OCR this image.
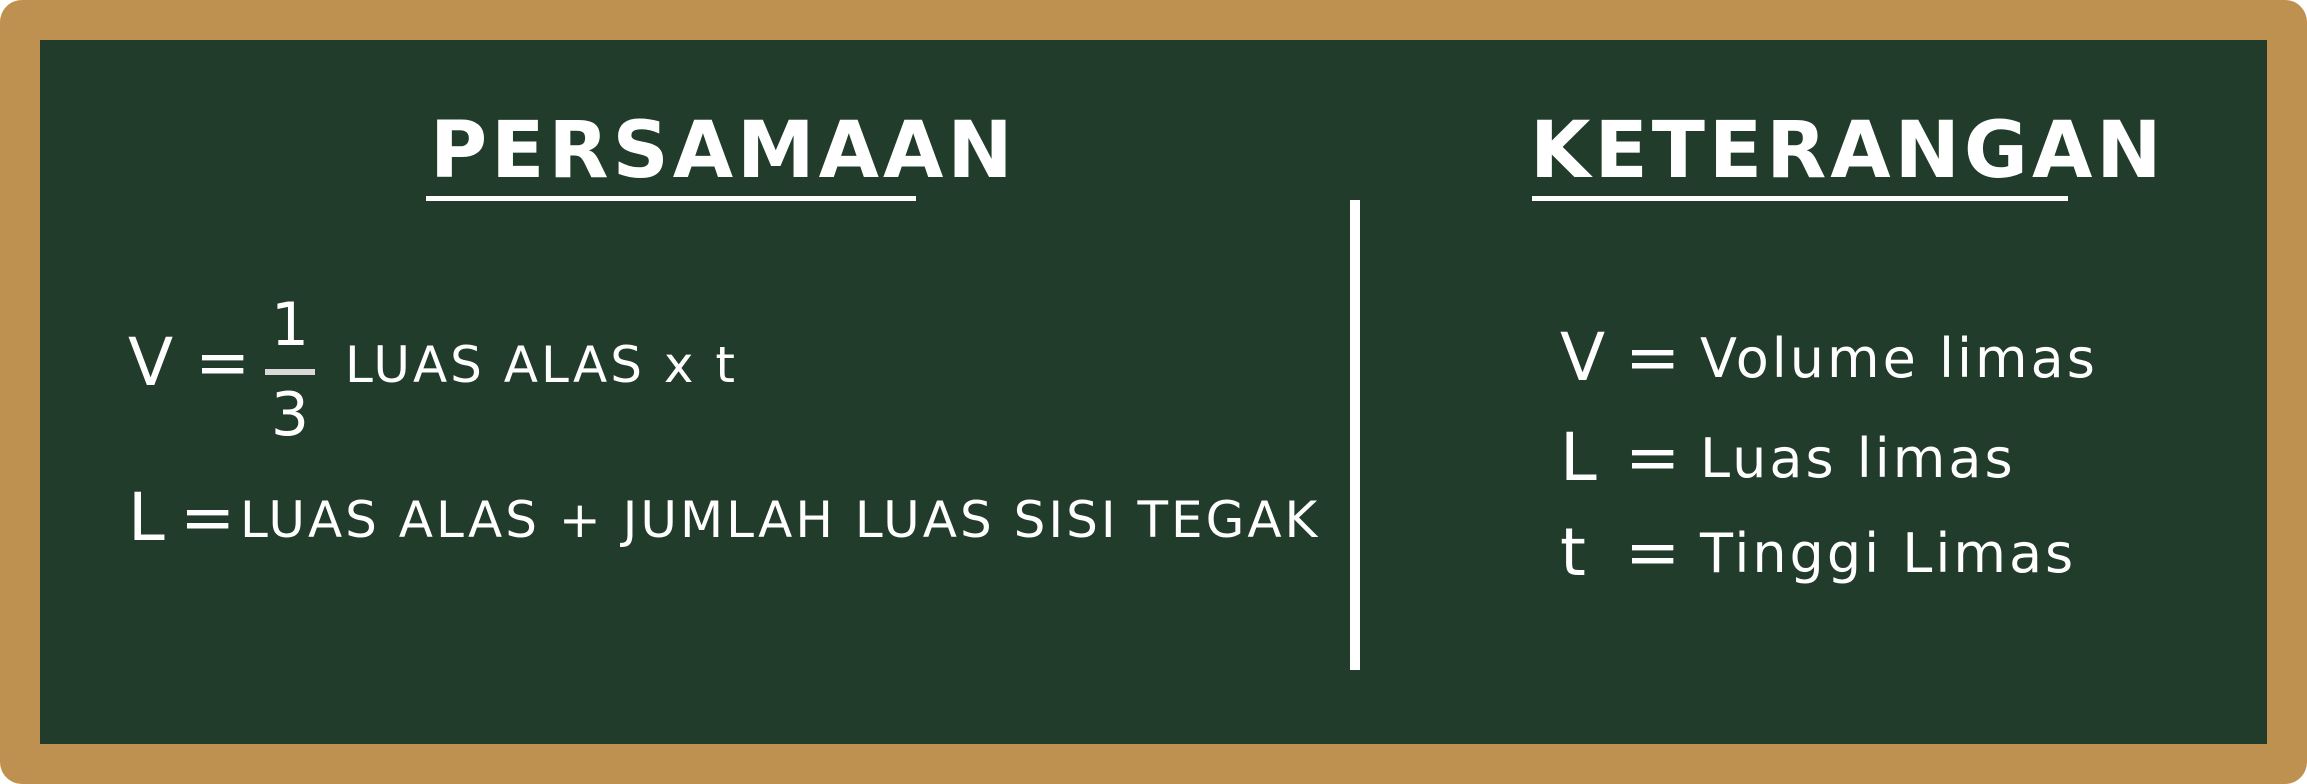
PERSAMAAN
V = 1
3
LUAS ALAS x t
L = LUAS ALAS + JUMLAH LUAS SISI TEGAK
KETERANGAN
V = Volume limas
L = Luas limas
t = Tinggi Limas
